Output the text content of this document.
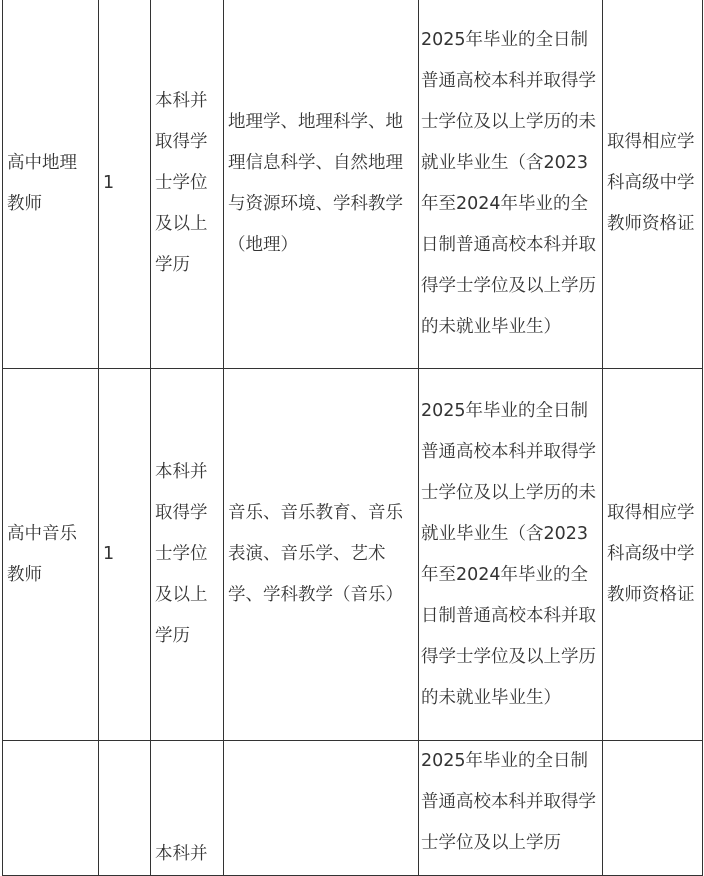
高中地理教师	1	本科并取得学士学位及以上学历	地理学、地理科学、地理信息科学、自然地理与资源环境、学科教学（地理）	2025年毕业的全日制普通高校本科并取得学士学位及以上学历的未就业毕业生（含2023年至2024年毕业的全日制普通高校本科并取得学士学位及以上学历的未就业毕业生）	取得相应学科高级中学教师资格证
高中音乐教师	1	本科并取得学士学位及以上学历	音乐、音乐教育、音乐表演、音乐学、艺术学、学科教学（音乐）	2025年毕业的全日制普通高校本科并取得学士学位及以上学历的未就业毕业生（含2023年至2024年毕业的全日制普通高校本科并取得学士学位及以上学历的未就业毕业生）	取得相应学科高级中学教师资格证
		本科并		2025年毕业的全日制普通高校本科并取得学士学位及以上学历	
